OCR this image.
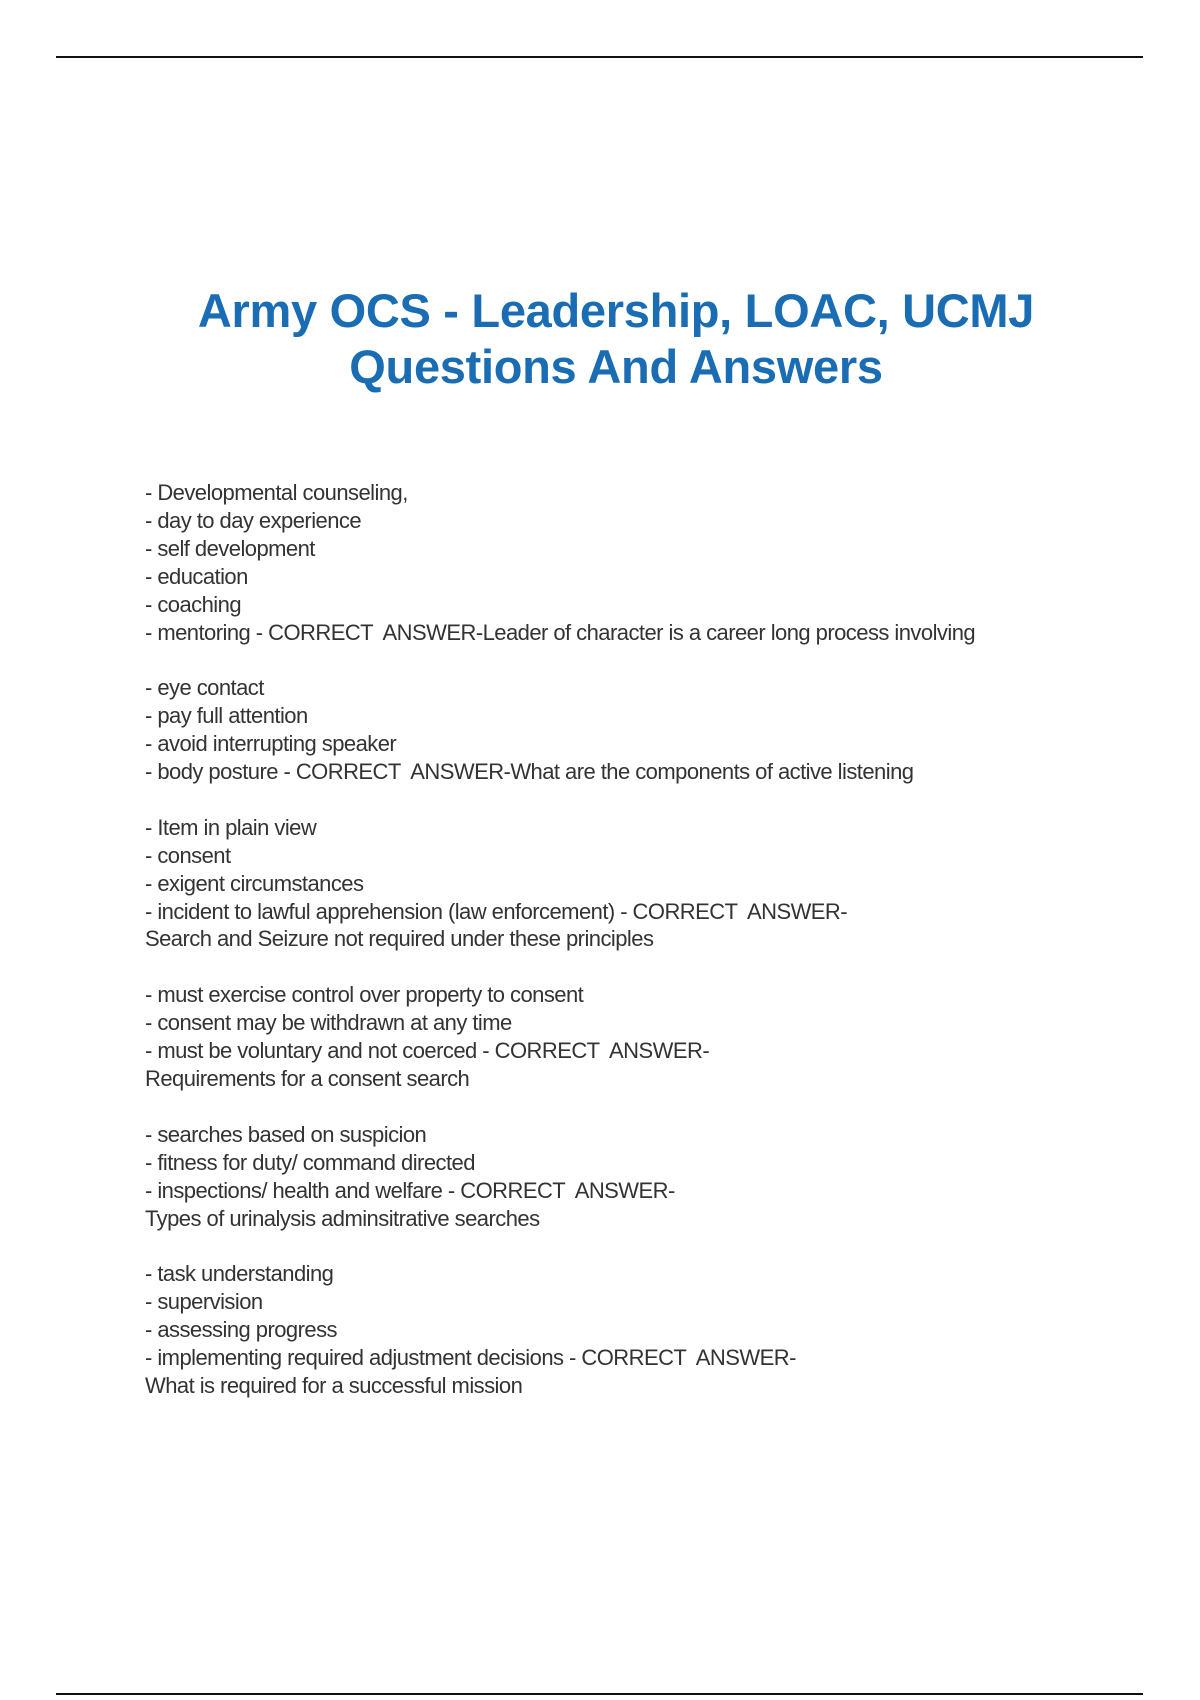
Army OCS - Leadership, LOAC, UCMJ
Questions And Answers
- Developmental counseling,
- day to day experience
- self development
- education
- coaching
- mentoring - CORRECT  ANSWER-Leader of character is a career long process involving
- eye contact
- pay full attention
- avoid interrupting speaker
- body posture - CORRECT  ANSWER-What are the components of active listening
- Item in plain view
- consent
- exigent circumstances
- incident to lawful apprehension (law enforcement) - CORRECT  ANSWER-
Search and Seizure not required under these principles
- must exercise control over property to consent
- consent may be withdrawn at any time
- must be voluntary and not coerced - CORRECT  ANSWER-
Requirements for a consent search
- searches based on suspicion
- fitness for duty/ command directed
- inspections/ health and welfare - CORRECT  ANSWER-
Types of urinalysis adminsitrative searches
- task understanding
- supervision
- assessing progress
- implementing required adjustment decisions - CORRECT  ANSWER-
What is required for a successful mission
